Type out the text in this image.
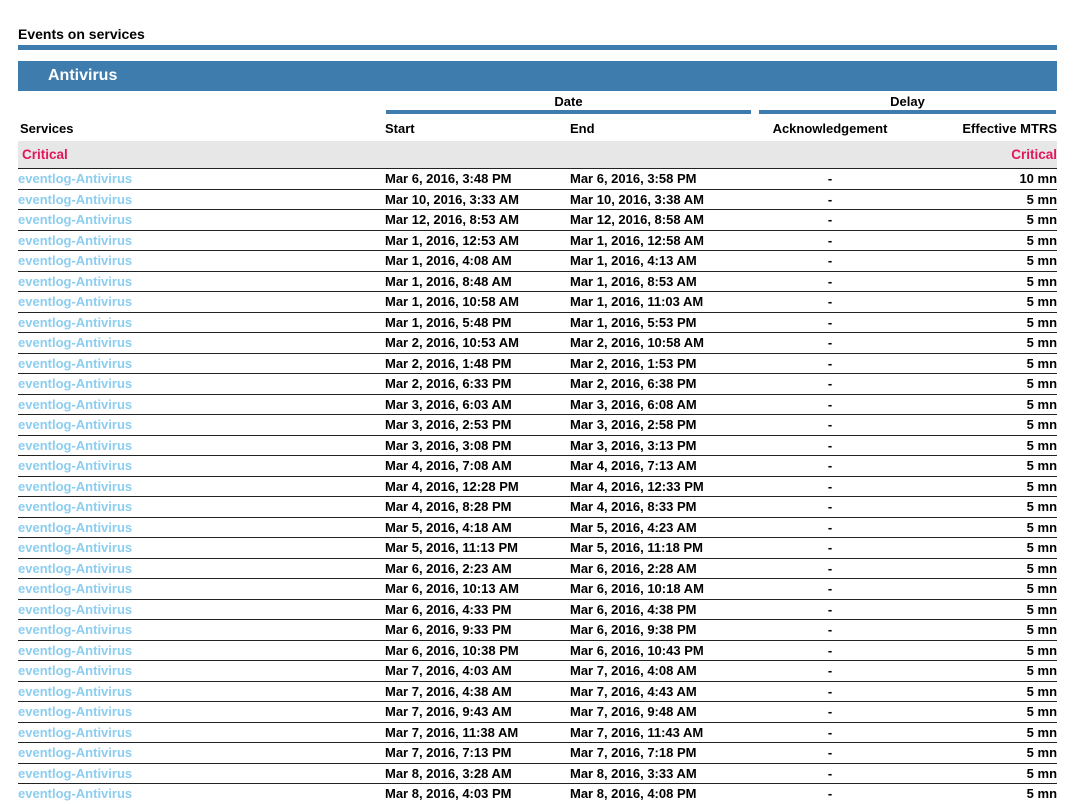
Events on services
Antivirus

	Date		Delay	

Services	Start	End	Acknowledgement	Effective MTRS
Critical				Critical
eventlog-Antivirus	Mar 6, 2016, 3:48 PM	Mar 6, 2016, 3:58 PM	-	10 mn
eventlog-Antivirus	Mar 10, 2016, 3:33 AM	Mar 10, 2016, 3:38 AM	-	5 mn
eventlog-Antivirus	Mar 12, 2016, 8:53 AM	Mar 12, 2016, 8:58 AM	-	5 mn
eventlog-Antivirus	Mar 1, 2016, 12:53 AM	Mar 1, 2016, 12:58 AM	-	5 mn
eventlog-Antivirus	Mar 1, 2016, 4:08 AM	Mar 1, 2016, 4:13 AM	-	5 mn
eventlog-Antivirus	Mar 1, 2016, 8:48 AM	Mar 1, 2016, 8:53 AM	-	5 mn
eventlog-Antivirus	Mar 1, 2016, 10:58 AM	Mar 1, 2016, 11:03 AM	-	5 mn
eventlog-Antivirus	Mar 1, 2016, 5:48 PM	Mar 1, 2016, 5:53 PM	-	5 mn
eventlog-Antivirus	Mar 2, 2016, 10:53 AM	Mar 2, 2016, 10:58 AM	-	5 mn
eventlog-Antivirus	Mar 2, 2016, 1:48 PM	Mar 2, 2016, 1:53 PM	-	5 mn
eventlog-Antivirus	Mar 2, 2016, 6:33 PM	Mar 2, 2016, 6:38 PM	-	5 mn
eventlog-Antivirus	Mar 3, 2016, 6:03 AM	Mar 3, 2016, 6:08 AM	-	5 mn
eventlog-Antivirus	Mar 3, 2016, 2:53 PM	Mar 3, 2016, 2:58 PM	-	5 mn
eventlog-Antivirus	Mar 3, 2016, 3:08 PM	Mar 3, 2016, 3:13 PM	-	5 mn
eventlog-Antivirus	Mar 4, 2016, 7:08 AM	Mar 4, 2016, 7:13 AM	-	5 mn
eventlog-Antivirus	Mar 4, 2016, 12:28 PM	Mar 4, 2016, 12:33 PM	-	5 mn
eventlog-Antivirus	Mar 4, 2016, 8:28 PM	Mar 4, 2016, 8:33 PM	-	5 mn
eventlog-Antivirus	Mar 5, 2016, 4:18 AM	Mar 5, 2016, 4:23 AM	-	5 mn
eventlog-Antivirus	Mar 5, 2016, 11:13 PM	Mar 5, 2016, 11:18 PM	-	5 mn
eventlog-Antivirus	Mar 6, 2016, 2:23 AM	Mar 6, 2016, 2:28 AM	-	5 mn
eventlog-Antivirus	Mar 6, 2016, 10:13 AM	Mar 6, 2016, 10:18 AM	-	5 mn
eventlog-Antivirus	Mar 6, 2016, 4:33 PM	Mar 6, 2016, 4:38 PM	-	5 mn
eventlog-Antivirus	Mar 6, 2016, 9:33 PM	Mar 6, 2016, 9:38 PM	-	5 mn
eventlog-Antivirus	Mar 6, 2016, 10:38 PM	Mar 6, 2016, 10:43 PM	-	5 mn
eventlog-Antivirus	Mar 7, 2016, 4:03 AM	Mar 7, 2016, 4:08 AM	-	5 mn
eventlog-Antivirus	Mar 7, 2016, 4:38 AM	Mar 7, 2016, 4:43 AM	-	5 mn
eventlog-Antivirus	Mar 7, 2016, 9:43 AM	Mar 7, 2016, 9:48 AM	-	5 mn
eventlog-Antivirus	Mar 7, 2016, 11:38 AM	Mar 7, 2016, 11:43 AM	-	5 mn
eventlog-Antivirus	Mar 7, 2016, 7:13 PM	Mar 7, 2016, 7:18 PM	-	5 mn
eventlog-Antivirus	Mar 8, 2016, 3:28 AM	Mar 8, 2016, 3:33 AM	-	5 mn
eventlog-Antivirus	Mar 8, 2016, 4:03 PM	Mar 8, 2016, 4:08 PM	-	5 mn
